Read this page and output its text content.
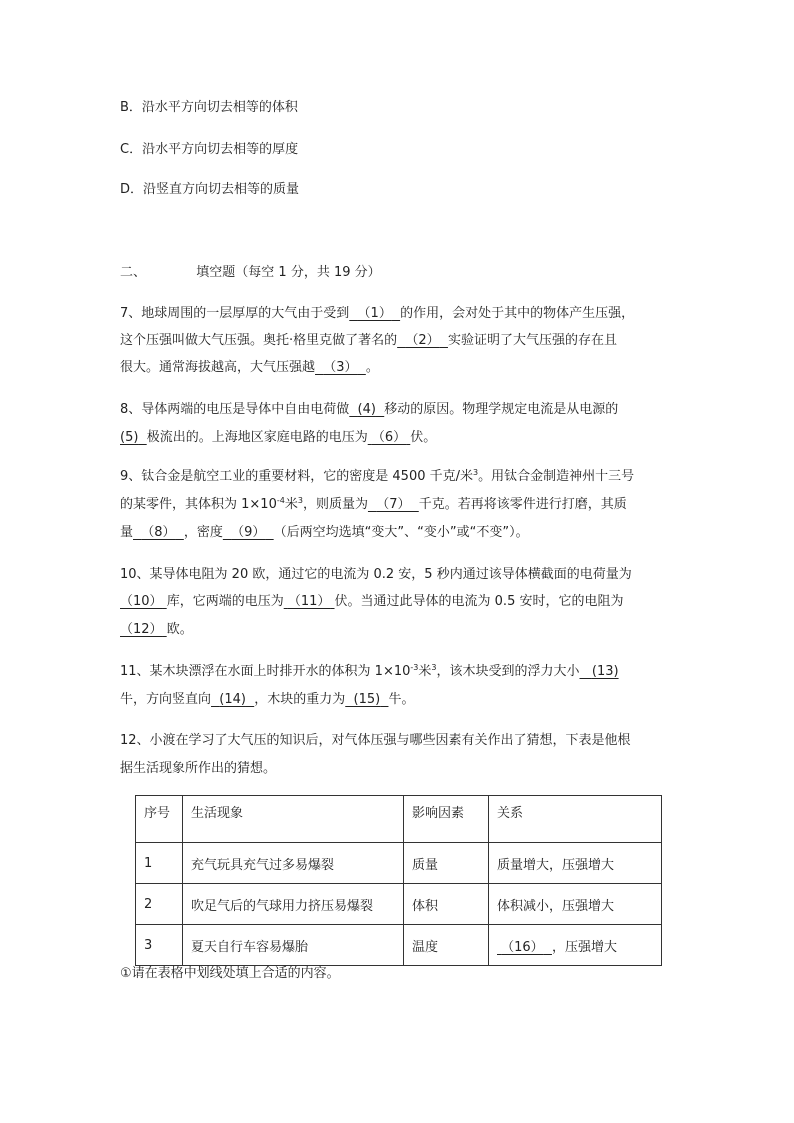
B．沿水平方向切去相等的体积
C．沿水平方向切去相等的厚度
D．沿竖直方向切去相等的质量
二、	填空题（每空 1 分，共 19 分）
7、地球周围的一层厚厚的大气由于受到 （1） 的作用，会对处于其中的物体产生压强，
这个压强叫做大气压强。奥托·格里克做了著名的 （2） 实验证明了大气压强的存在且
很大。通常海拔越高，大气压强越 （3） 。
8、导体两端的电压是导体中自由电荷做 (4) 移动的原因。物理学规定电流是从电源的
(5) 极流出的。上海地区家庭电路的电压为 （6） 伏。
9、钛合金是航空工业的重要材料，它的密度是 4500 千克/米$^3$。用钛合金制造神州十三号
的某零件，其体积为 $1\times 10^{-4}$米$^3$，则质量为 （7） 千克。若再将该零件进行打磨，其质
量 （8） ，密度 （9） （后两空均选填“变大”、“变小”或“不变”）。
10、某导体电阻为 20 欧，通过它的电流为 0.2 安，5 秒内通过该导体横截面的电荷量为
（10） 库，它两端的电压为 （11） 伏。当通过此导体的电流为 0.5 安时，它的电阻为
（12） 欧。
11、某木块漂浮在水面上时排开水的体积为 $1\times 10^{-3}$米$^3$，该木块受到的浮力大小 (13)
牛，方向竖直向 (14) ，木块的重力为 (15) 牛。
12、小渡在学习了大气压的知识后，对气体压强与哪些因素有关作出了猜想，下表是他根
据生活现象所作出的猜想。
序号	生活现象	影响因素	关系
1	充气玩具充气过多易爆裂	质量	质量增大，压强增大
2	吹足气后的气球用力挤压易爆裂	体积	体积减小，压强增大
3	夏天自行车容易爆胎	温度	（16） ，压强增大
①请在表格中划线处填上合适的内容。
